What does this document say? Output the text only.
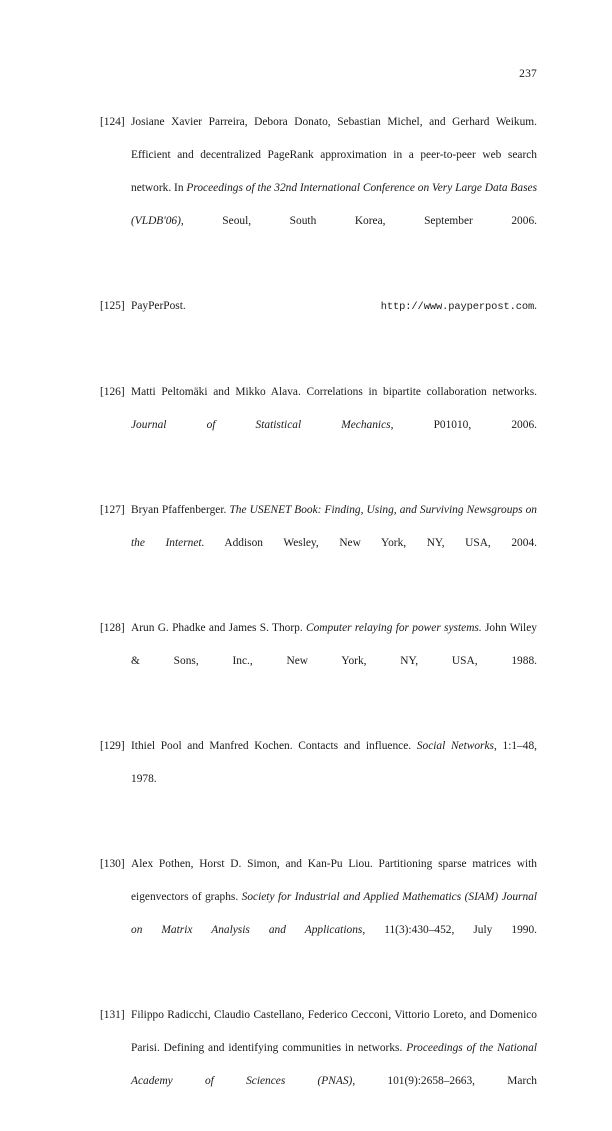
237
[124] Josiane Xavier Parreira, Debora Donato, Sebastian Michel, and Gerhard Weikum. Efficient and decentralized PageRank approximation in a peer-to-peer web search network. In Proceedings of the 32nd International Conference on Very Large Data Bases (VLDB'06), Seoul, South Korea, September 2006.
[125] PayPerPost. http://www.payperpost.com.
[126] Matti Peltomäki and Mikko Alava. Correlations in bipartite collaboration networks. Journal of Statistical Mechanics, P01010, 2006.
[127] Bryan Pfaffenberger. The USENET Book: Finding, Using, and Surviving Newsgroups on the Internet. Addison Wesley, New York, NY, USA, 2004.
[128] Arun G. Phadke and James S. Thorp. Computer relaying for power systems. John Wiley & Sons, Inc., New York, NY, USA, 1988.
[129] Ithiel Pool and Manfred Kochen. Contacts and influence. Social Networks, 1:1–48, 1978.
[130] Alex Pothen, Horst D. Simon, and Kan-Pu Liou. Partitioning sparse matrices with eigenvectors of graphs. Society for Industrial and Applied Mathematics (SIAM) Journal on Matrix Analysis and Applications, 11(3):430–452, July 1990.
[131] Filippo Radicchi, Claudio Castellano, Federico Cecconi, Vittorio Loreto, and Domenico Parisi. Defining and identifying communities in networks. Proceedings of the National Academy of Sciences (PNAS), 101(9):2658–2663, March
